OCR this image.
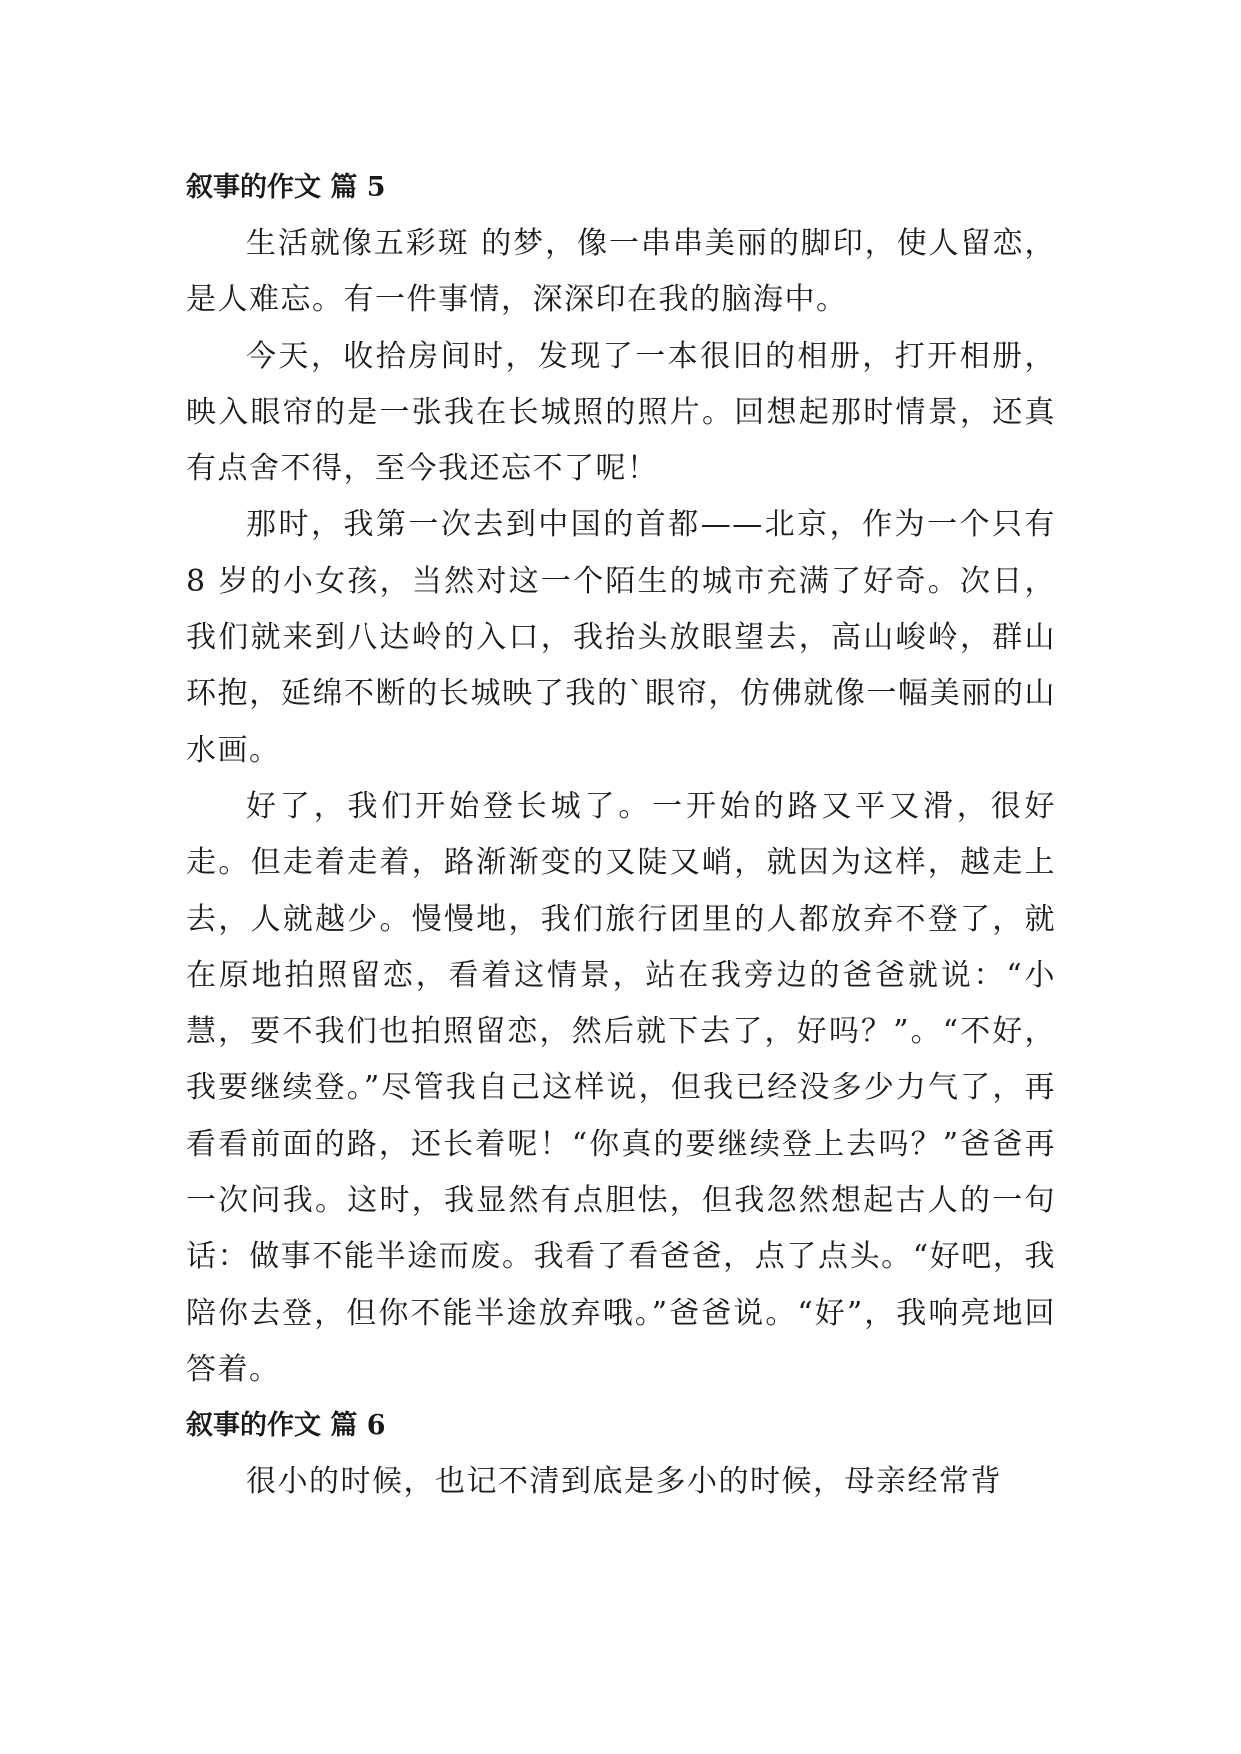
叙事的作文 篇 5

生活就像五彩斑 的梦，像一串串美丽的脚印，使人留恋，是人难忘。有一件事情，深深印在我的脑海中。

今天，收拾房间时，发现了一本很旧的相册，打开相册，映入眼帘的是一张我在长城照的照片。回想起那时情景，还真有点舍不得，至今我还忘不了呢！

那时，我第一次去到中国的首都——北京，作为一个只有 8 岁的小女孩，当然对这一个陌生的城市充满了好奇。次日，我们就来到八达岭的入口，我抬头放眼望去，高山峻岭，群山环抱，延绵不断的长城映了我的`眼帘，仿佛就像一幅美丽的山水画。

好了，我们开始登长城了。一开始的路又平又滑，很好走。但走着走着，路渐渐变的又陡又峭，就因为这样，越走上去，人就越少。慢慢地，我们旅行团里的人都放弃不登了，就在原地拍照留恋，看着这情景，站在我旁边的爸爸就说：“小慧，要不我们也拍照留恋，然后就下去了，好吗？”。“不好，我要继续登。”尽管我自己这样说，但我已经没多少力气了，再看看前面的路，还长着呢！“你真的要继续登上去吗？”爸爸再一次问我。这时，我显然有点胆怯，但我忽然想起古人的一句话：做事不能半途而废。我看了看爸爸，点了点头。“好吧，我陪你去登，但你不能半途放弃哦。”爸爸说。“好”，我响亮地回答着。

叙事的作文 篇 6

很小的时候，也记不清到底是多小的时候，母亲经常背
